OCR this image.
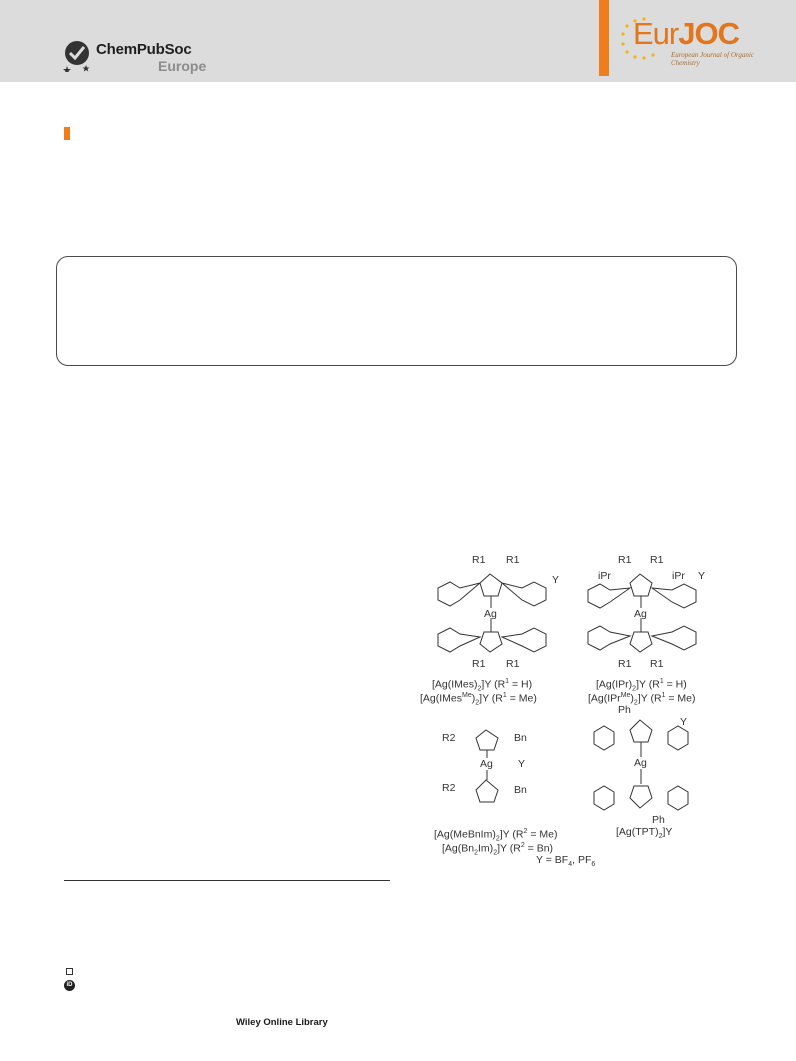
ChemPubSoc
Europe
EurJOC
European Journal of Organic Chemistry
R1 R1
Ag
Y
R1 R1
R1 R1
iPr	iPr
Ag
Y
R1 R1
$[Ag(IMes)_2]Y$ $(R^1 = H)$
$[Ag(IMes^{Me})_2]Y$ $(R^1 = Me)$
$[Ag(IPr)_2]Y$ $(R^1 = H)$
$[Ag(IPr^{Me})_2]Y$ $(R^1 = Me)$
Ph
Ag
Y
Ph
R2	Bn
Ag Y
R2	Bn
$[Ag(MeBnIm)_2]Y$ $(R^2 = Me)$
$[Ag(Bn_2Im)_2]Y$ $(R^2 = Bn)$
$[Ag(TPT)_2]Y$
$Y = BF_4$, $PF_6$
iD
Wiley Online Library
